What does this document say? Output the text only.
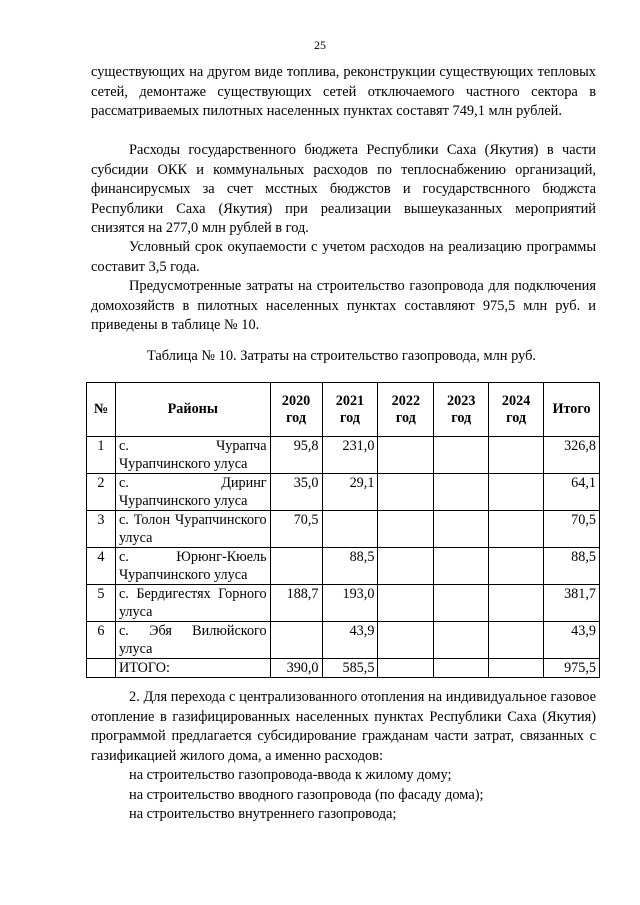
25

существующих на другом виде топлива, реконструкции существующих тепловых сетей, демонтаже существующих сетей отключаемого частного сектора в рассматриваемых пилотных населенных пунктах составят 749,1 млн рублей.

Расходы государственного бюджета Республики Саха (Якутия) в части субсидии ОКК и коммунальных расходов по теплоснабжению организаций, финансирусмых за счет мсстных бюджстов и государствснного бюджста Республики Саха (Якутия) при реализации вышеуказанных мероприятий снизятся на 277,0 млн рублей в год.

Условный срок окупаемости с учетом расходов на реализацию программы составит 3,5 года.

Предусмотренные затраты на строительство газопровода для подключения домохозяйств в пилотных населенных пунктах составляют 975,5 млн руб. и приведены в таблице № 10.

Таблица № 10. Затраты на строительство газопровода, млн руб.
№	Районы	2020 год	2021 год	2022 год	2023 год	2024 год	Итого
1	с. Чурапча Чурапчинского улуса	95,8	231,0				326,8
2	с. Диринг Чурапчинского улуса	35,0	29,1				64,1
3	с. Толон Чурапчинского улуса	70,5					70,5
4	с. Юрюнг-Кюель Чурапчинского улуса		88,5				88,5
5	с. Бердигестях Горного улуса	188,7	193,0				381,7
6	с. Эбя Вилюйского улуса		43,9				43,9
	ИТОГО:	390,0	585,5				975,5

2. Для перехода с централизованного отопления на индивидуальное газовое отопление в газифицированных населенных пунктах Республики Саха (Якутия) программой предлагается субсидирование гражданам части затрат, связанных с газификацией жилого дома, а именно расходов:

на строительство газопровода-ввода к жилому дому;
на строительство вводного газопровода (по фасаду дома);
на строительство внутреннего газопровода;
